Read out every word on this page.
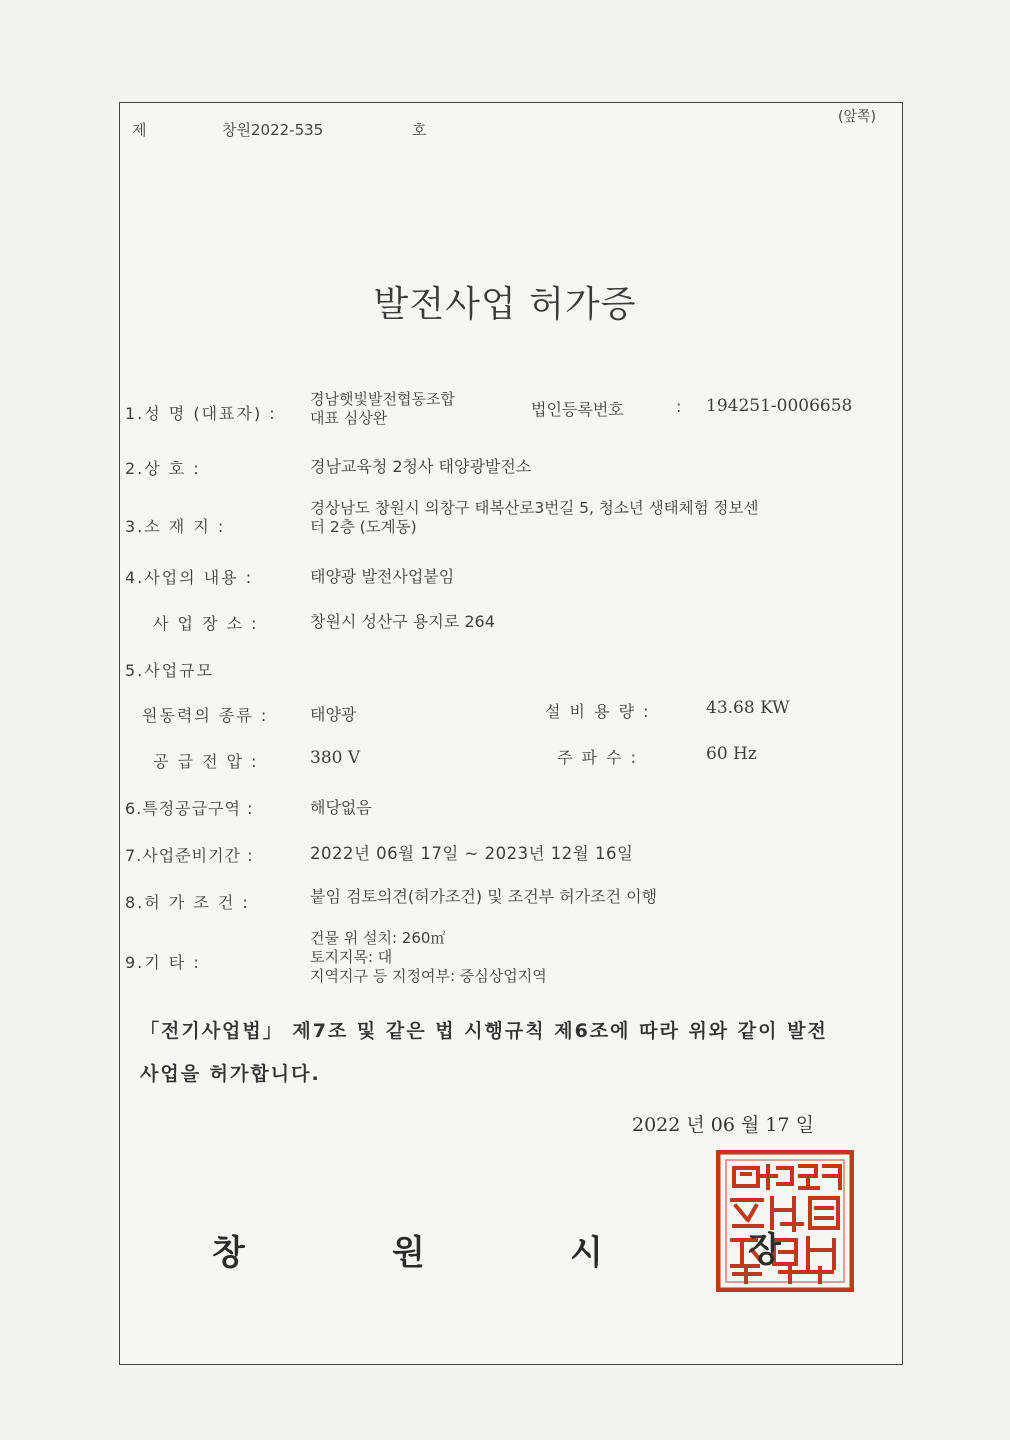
제	창원2022-535	호
(앞쪽)
발전사업 허가증
1.성 명 (대표자) :
경남햇빛발전협동조합
대표 심상완	법인등록번호	: 194251-0006658
2.상 호 :	경남교육청 2청사 태양광발전소
3.소 재 지 :
경상남도 창원시 의창구 태복산로3번길 5, 청소년 생태체험 정보센
터 2층 (도계동)
4.사업의 내용 :	태양광 발전사업붙임
사 업 장 소 :	창원시 성산구 용지로 264
5.사업규모
원동력의 종류 :	태양광	설 비 용 량 :	43.68 KW
공 급 전 압 :	380 V	주 파 수 :	60 Hz
6.특정공급구역 :	해당없음
7.사업준비기간 :	2022년 06월 17일 ~ 2023년 12월 16일
8.허 가 조 건 :	붙임 검토의견(허가조건) 및 조건부 허가조건 이행
9.기 타 :
건물 위 설치: 260㎡
토지지목: 대
지역지구 등 지정여부: 중심상업지역
「전기사업법」 제7조 및 같은 법 시행규칙 제6조에 따라 위와 같이 발전
사업을 허가합니다.
2022 년 06 월 17 일
창	원	시	장
